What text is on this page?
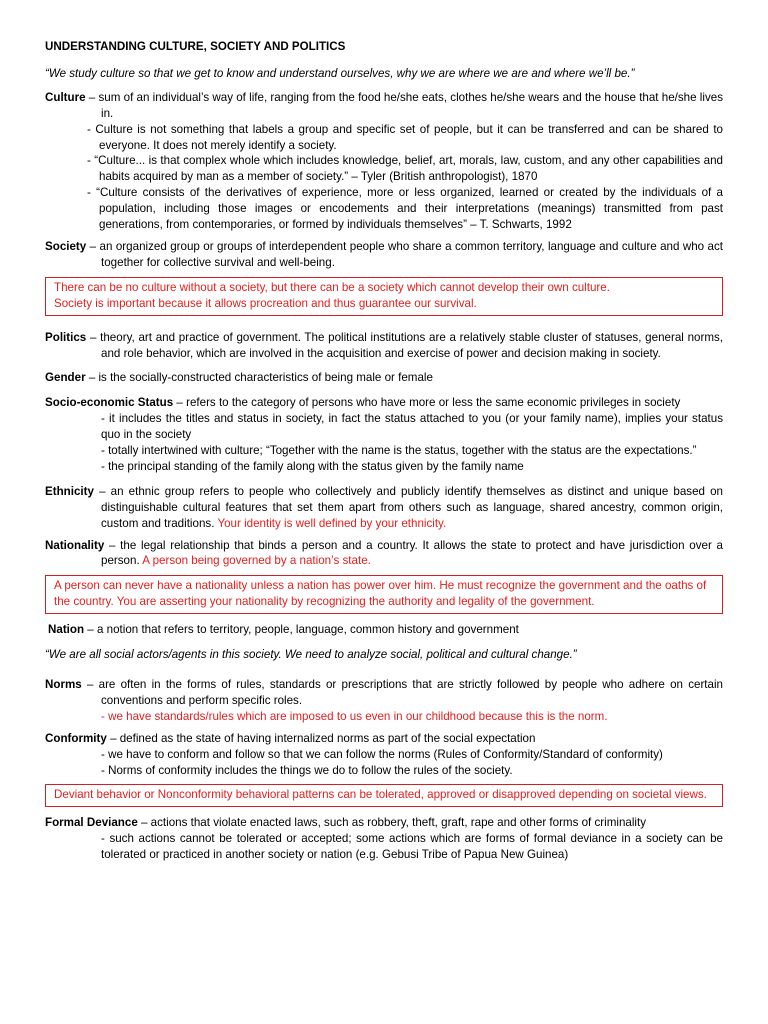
UNDERSTANDING CULTURE, SOCIETY AND POLITICS
“We study culture so that we get to know and understand ourselves, why we are where we are and where we’ll be.”
Culture – sum of an individual’s way of life, ranging from the food he/she eats, clothes he/she wears and the house that he/she lives in.
- Culture is not something that labels a group and specific set of people, but it can be transferred and can be shared to everyone. It does not merely identify a society.
- “Culture... is that complex whole which includes knowledge, belief, art, morals, law, custom, and any other capabilities and habits acquired by man as a member of society.” – Tyler (British anthropologist), 1870
- “Culture consists of the derivatives of experience, more or less organized, learned or created by the individuals of a population, including those images or encodements and their interpretations (meanings) transmitted from past generations, from contemporaries, or formed by individuals themselves” – T. Schwarts, 1992
Society – an organized group or groups of interdependent people who share a common territory, language and culture and who act together for collective survival and well-being.
There can be no culture without a society, but there can be a society which cannot develop their own culture.
Society is important because it allows procreation and thus guarantee our survival.
Politics – theory, art and practice of government. The political institutions are a relatively stable cluster of statuses, general norms, and role behavior, which are involved in the acquisition and exercise of power and decision making in society.
Gender – is the socially-constructed characteristics of being male or female
Socio-economic Status – refers to the category of persons who have more or less the same economic privileges in society
- it includes the titles and status in society, in fact the status attached to you (or your family name), implies your status quo in the society
- totally intertwined with culture; “Together with the name is the status, together with the status are the expectations.”
- the principal standing of the family along with the status given by the family name
Ethnicity – an ethnic group refers to people who collectively and publicly identify themselves as distinct and unique based on distinguishable cultural features that set them apart from others such as language, shared ancestry, common origin, custom and traditions. Your identity is well defined by your ethnicity.
Nationality – the legal relationship that binds a person and a country. It allows the state to protect and have jurisdiction over a person. A person being governed by a nation’s state.
A person can never have a nationality unless a nation has power over him. He must recognize the government and the oaths of the country. You are asserting your nationality by recognizing the authority and legality of the government.
Nation – a notion that refers to territory, people, language, common history and government
“We are all social actors/agents in this society. We need to analyze social, political and cultural change.”
Norms – are often in the forms of rules, standards or prescriptions that are strictly followed by people who adhere on certain conventions and perform specific roles.
- we have standards/rules which are imposed to us even in our childhood because this is the norm.
Conformity – defined as the state of having internalized norms as part of the social expectation
- we have to conform and follow so that we can follow the norms (Rules of Conformity/Standard of conformity)
- Norms of conformity includes the things we do to follow the rules of the society.
Deviant behavior or Nonconformity behavioral patterns can be tolerated, approved or disapproved depending on societal views.
Formal Deviance – actions that violate enacted laws, such as robbery, theft, graft, rape and other forms of criminality
- such actions cannot be tolerated or accepted; some actions which are forms of formal deviance in a society can be tolerated or practiced in another society or nation (e.g. Gebusi Tribe of Papua New Guinea)
